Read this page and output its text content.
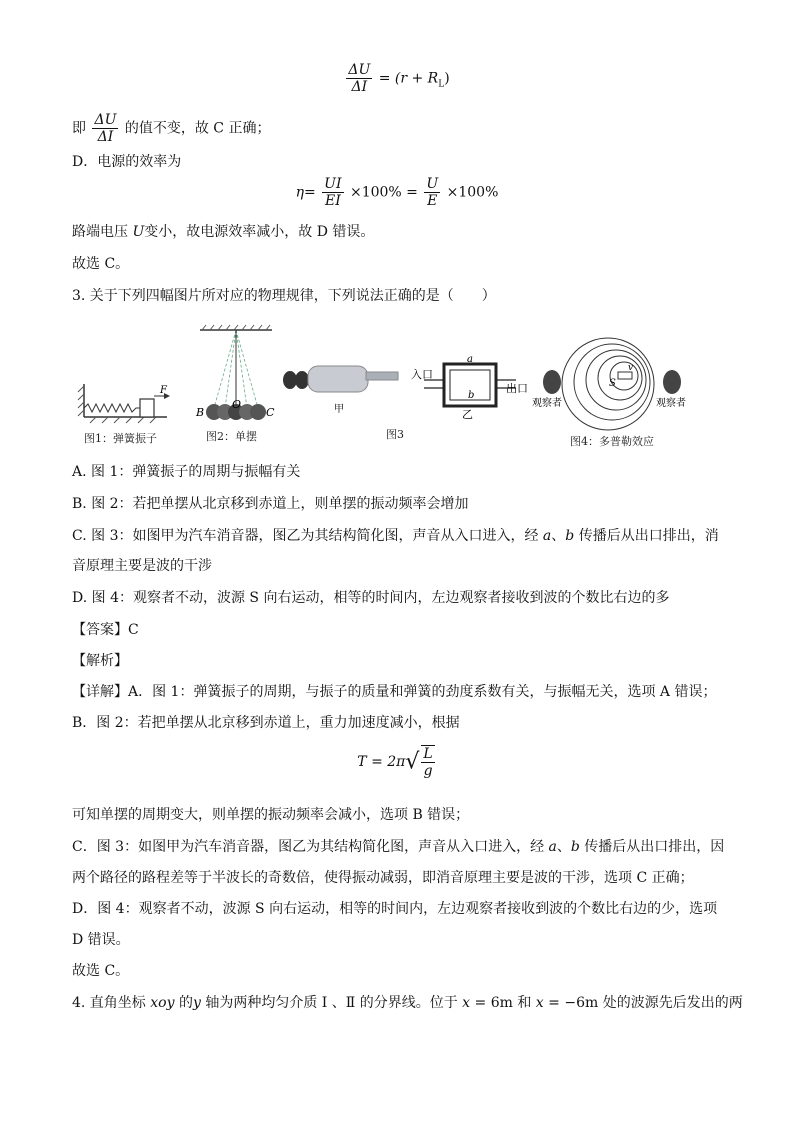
$\frac{\Delta U}{\Delta I} = (r + R_L)$
即 $\frac{\Delta U}{\Delta I}$ 的值不变，故 C 正确；
D．电源的效率为
$\eta= \frac{UI}{EI} \times 100\% = \frac{U}{E} \times 100\%$
路端电压 U变小，故电源效率减小，故 D 错误。
故选 C。
3. 关于下列四幅图片所对应的物理规律，下列说法正确的是（　　）
F
B
O
C	甲
入口
出口
a
b
乙
S
v
观察者	观察者
图1：弹簧振子	图2：单摆	图3
图4：多普勒效应
A. 图 1：弹簧振子的周期与振幅有关
B. 图 2：若把单摆从北京移到赤道上，则单摆的振动频率会增加
C. 图 3：如图甲为汽车消音器，图乙为其结构简化图，声音从入口进入，经 a、b 传播后从出口排出，消
音原理主要是波的干涉
D. 图 4：观察者不动，波源 S 向右运动，相等的时间内，左边观察者接收到波的个数比右边的多
【答案】C
【解析】
【详解】A．图 1：弹簧振子的周期，与振子的质量和弹簧的劲度系数有关，与振幅无关，选项 A 错误；
B．图 2：若把单摆从北京移到赤道上，重力加速度减小，根据
$T = 2\pi√ \frac{L}{g}$
可知单摆的周期变大，则单摆的振动频率会减小，选项 B 错误；
C．图 3：如图甲为汽车消音器，图乙为其结构简化图，声音从入口进入，经 a、b 传播后从出口排出，因
两个路径的路程差等于半波长的奇数倍，使得振动减弱，即消音原理主要是波的干涉，选项 C 正确；
D．图 4：观察者不动，波源 S 向右运动，相等的时间内，左边观察者接收到波的个数比右边的少，选项
D 错误。
故选 C。
4. 直角坐标 xoy 的y 轴为两种均匀介质 Ⅰ 、Ⅱ 的分界线。位于 x = 6m 和 x = −6m 处的波源先后发出的两
